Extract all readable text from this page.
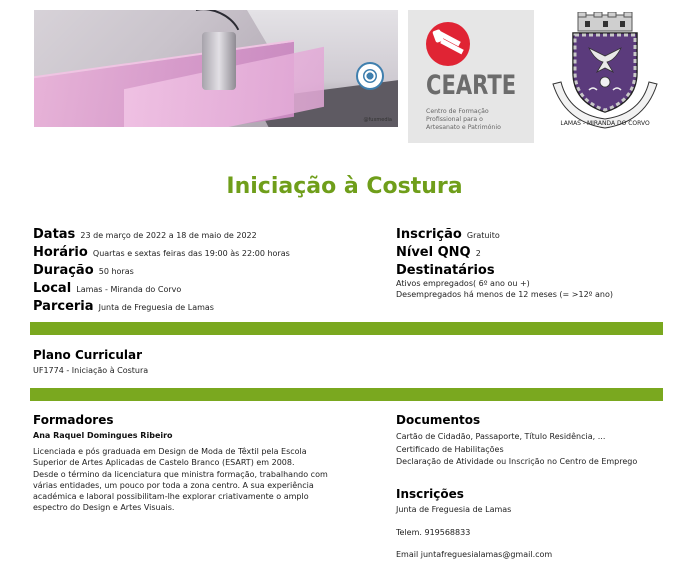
@fuxmedia
CEARTE
Centro de Formação
Profissional para o
Artesanato e Património
LAMAS - MIRANDA DO CORVO
Iniciação à Costura
Datas 23 de março de 2022 a 18 de maio de 2022
Horário Quartas e sextas feiras das 19:00 às 22:00 horas
Duração 50 horas
Local Lamas - Miranda do Corvo
Parceria Junta de Freguesia de Lamas
Inscrição Gratuito
Nível QNQ 2
Destinatários
Ativos empregados( 6º ano ou +)
Desempregados há menos de 12 meses (= >12º ano)
Plano Curricular
UF1774 - Iniciação à Costura
Formadores
Ana Raquel Domingues Ribeiro
Licenciada e pós graduada em Design de Moda de Têxtil pela Escola
Superior de Artes Aplicadas de Castelo Branco (ESART) em 2008.
Desde o término da licenciatura que ministra formação, trabalhando com
várias entidades, um pouco por toda a zona centro. A sua experiência
académica e laboral possibilitam-lhe explorar criativamente o amplo
espectro do Design e Artes Visuais.
Documentos
Cartão de Cidadão, Passaporte, Título Residência, ...
Certificado de Habilitações
Declaração de Atividade ou Inscrição no Centro de Emprego
Inscrições
Junta de Freguesia de Lamas
Telem. 919568833
Email juntafreguesialamas@gmail.com
